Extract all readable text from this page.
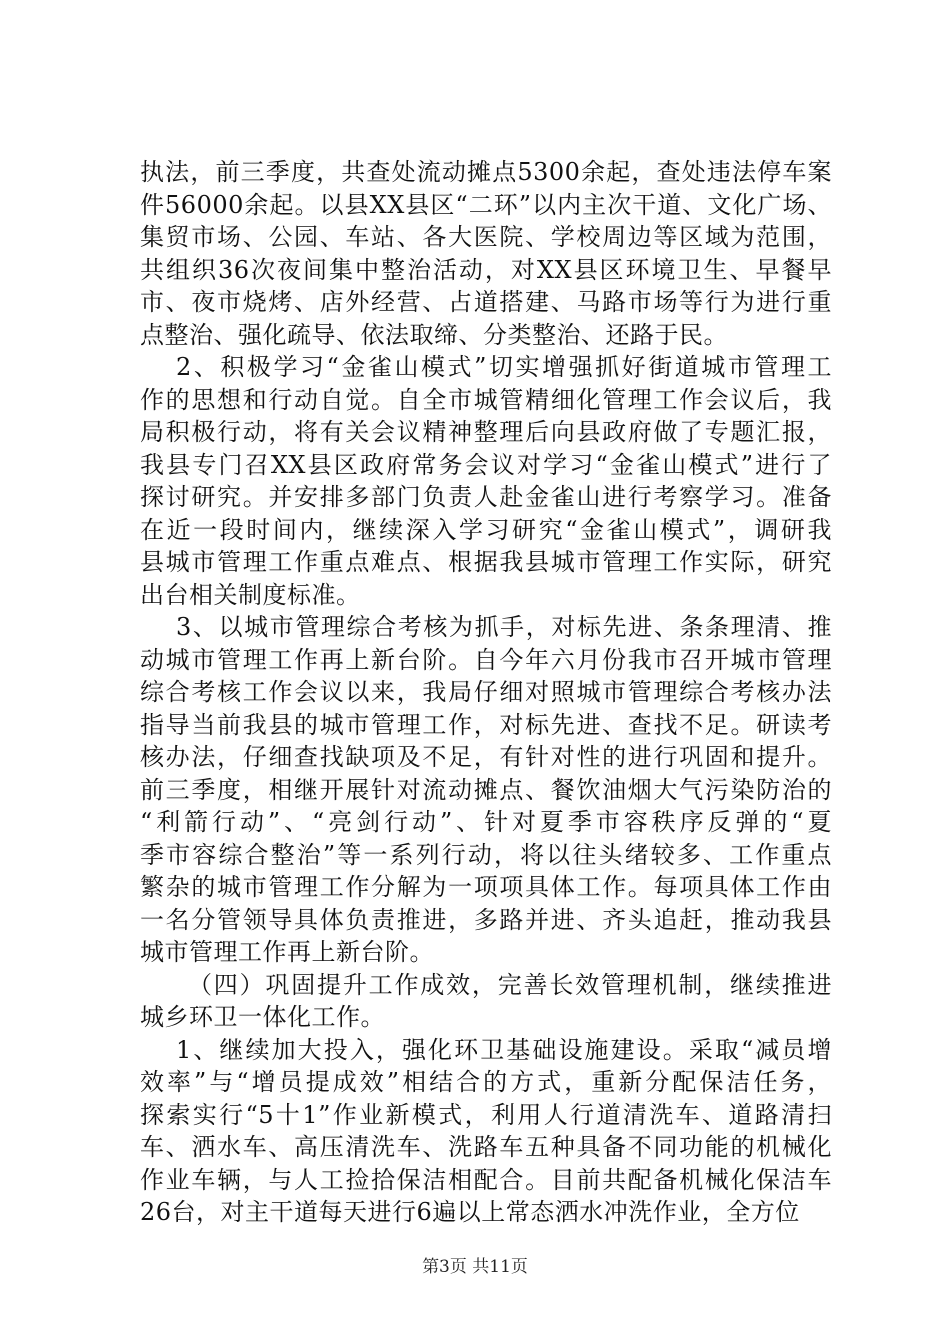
执法，前三季度，共查处流动摊点5300余起，查处违法停车案
件56000余起。以县XX县区“二环”以内主次干道、文化广场、
集贸市场、公园、车站、各大医院、学校周边等区域为范围，
共组织36次夜间集中整治活动，对XX县区环境卫生、早餐早
市、夜市烧烤、店外经营、占道搭建、马路市场等行为进行重
点整治、强化疏导、依法取缔、分类整治、还路于民。
2、积极学习“金雀山模式”切实增强抓好街道城市管理工
作的思想和行动自觉。自全市城管精细化管理工作会议后，我
局积极行动，将有关会议精神整理后向县政府做了专题汇报，
我县专门召XX县区政府常务会议对学习“金雀山模式”进行了
探讨研究。并安排多部门负责人赴金雀山进行考察学习。准备
在近一段时间内，继续深入学习研究“金雀山模式”，调研我
县城市管理工作重点难点、根据我县城市管理工作实际，研究
出台相关制度标准。
3、以城市管理综合考核为抓手，对标先进、条条理清、推
动城市管理工作再上新台阶。自今年六月份我市召开城市管理
综合考核工作会议以来，我局仔细对照城市管理综合考核办法
指导当前我县的城市管理工作，对标先进、查找不足。研读考
核办法，仔细查找缺项及不足，有针对性的进行巩固和提升。
前三季度，相继开展针对流动摊点、餐饮油烟大气污染防治的
“利箭行动”、“亮剑行动”、针对夏季市容秩序反弹的“夏
季市容综合整治”等一系列行动，将以往头绪较多、工作重点
繁杂的城市管理工作分解为一项项具体工作。每项具体工作由
一名分管领导具体负责推进，多路并进、齐头追赶，推动我县
城市管理工作再上新台阶。
（四）巩固提升工作成效，完善长效管理机制，继续推进
城乡环卫一体化工作。
1、继续加大投入，强化环卫基础设施建设。采取“减员增
效率”与“增员提成效”相结合的方式，重新分配保洁任务，
探索实行“5十1”作业新模式，利用人行道清洗车、道路清扫
车、洒水车、高压清洗车、洗路车五种具备不同功能的机械化
作业车辆，与人工捡拾保洁相配合。目前共配备机械化保洁车
26台，对主干道每天进行6遍以上常态洒水冲洗作业，全方位
第3页 共11页
